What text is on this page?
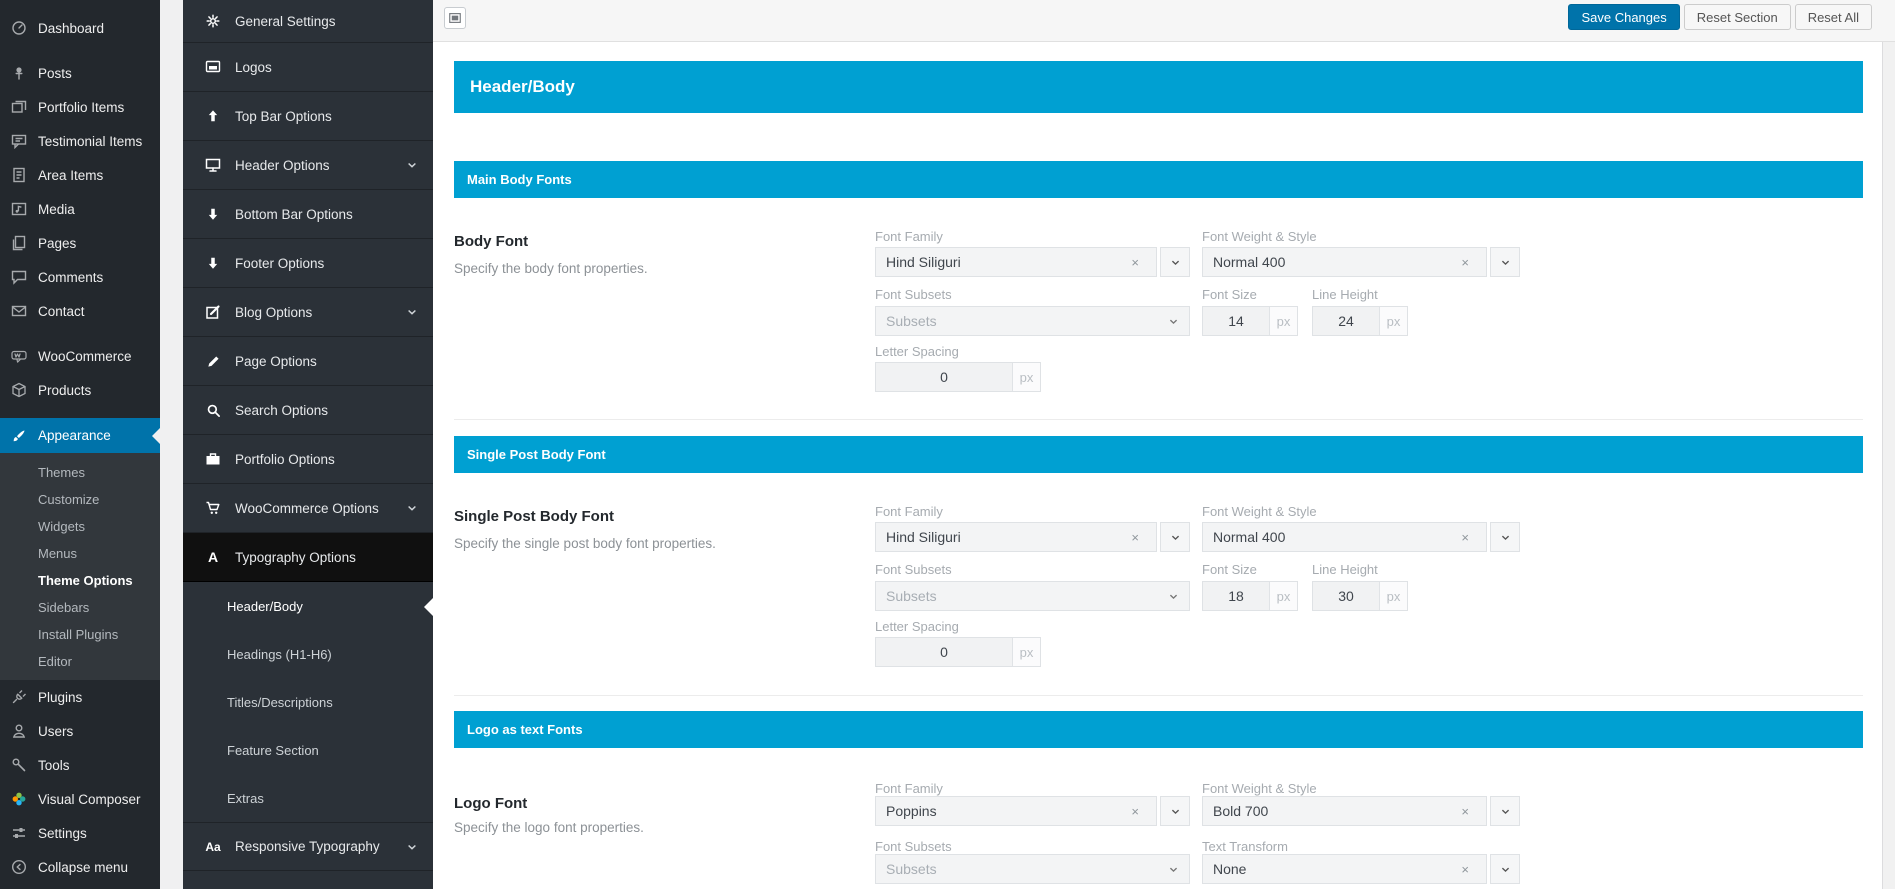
Dashboard
Posts
Portfolio Items
Testimonial Items
Area Items
Media
Pages
Comments
Contact
WooCommerce
Products
Appearance
Themes
Customize
Widgets
Menus
Theme Options
Sidebars
Install Plugins
Editor
Plugins
Users
Tools
Visual Composer
Settings
Collapse menu
General Settings
Logos
Top Bar Options
Header Options
Bottom Bar Options
Footer Options
Blog Options
Page Options
Search Options
Portfolio Options
WooCommerce Options
A Typography Options
Header/Body
Headings (H1-H6)
Titles/Descriptions
Feature Section
Extras
Aa Responsive Typography
Save Changes	Reset Section	Reset All
Header/Body
Main Body Fonts
Body Font
Specify the body font properties.
Font Family
Hind Siliguri	×
Font Weight & Style
Normal 400	×
Font Subsets
Subsets
Font Size
14
px
Line Height
24
px
Letter Spacing
0
px
Single Post Body Font
Single Post Body Font
Specify the single post body font properties.
Font Family
Hind Siliguri	×
Font Weight & Style
Normal 400	×
Font Subsets
Subsets
Font Size
18
px
Line Height
30
px
Letter Spacing
0
px
Logo as text Fonts
Logo Font
Specify the logo font properties.
Font Family
Poppins	×
Font Weight & Style
Bold 700	×
Font Subsets
Subsets
Text Transform
None	×
